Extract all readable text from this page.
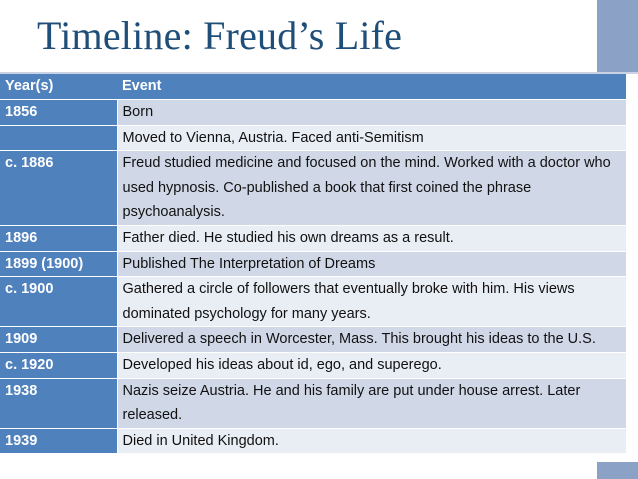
Timeline: Freud’s Life
Year(s)	Event
1856	Born
	Moved to Vienna, Austria. Faced anti-Semitism
c. 1886	Freud studied medicine and focused on the mind. Worked with a doctor who used hypnosis. Co-published a book that first coined the phrase psychoanalysis.
1896	Father died. He studied his own dreams as a result.
1899 (1900)	Published The Interpretation of Dreams
c. 1900	Gathered a circle of followers that eventually broke with him. His views dominated psychology for many years.
1909	Delivered a speech in Worcester, Mass. This brought his ideas to the U.S.
c. 1920	Developed his ideas about id, ego, and superego.
1938	Nazis seize Austria. He and his family are put under house arrest. Later released.
1939	Died in United Kingdom.
